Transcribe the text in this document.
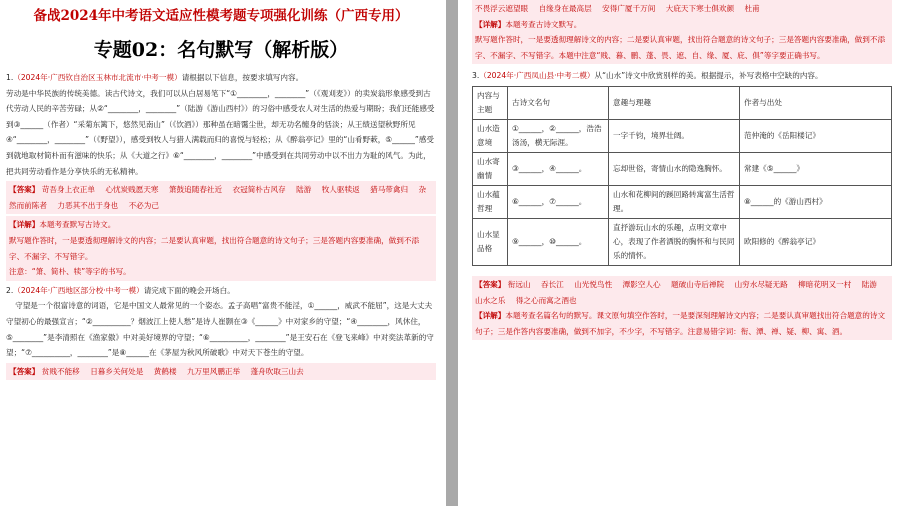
备战2024年中考语文适应性模考题专项强化训练（广西专用）
专题02：名句默写（解析版）

1.（2024年·广西钦自治区玉林市北流市·中考一模）请根据以下信息，按要求填写内容。

劳动是中华民族的传统美德。读古代诗文，我们可以从白居易笔下“①________，________”（《观刈麦》）的卖炭翁形象感受到古代劳动人民的辛苦劳碌；从②“________，________”（陆游《游山西村》）的习俗中感受农人对生活的热爱与期盼；我们还能感受到③______（作者）“采菊东篱下，悠然见南山”（《饮酒》）那种虽在暗霭尘世，却无功名缠身的恬淡；从王绩送望秋野所见④“________，________”（《野望》），感受到牧人与猎人满载而归的喜悦与轻松；从《醉翁亭记》里的“山肴野蔌，⑤______”感受到就地取材简朴而有滋味的快乐；从《大道之行》⑥“________，________”中感受到在共同劳动中以不出力为耻的风气。为此，把共同劳动看作是分享快乐的无私精神。

【答案】 苛吾身上衣正单 心忧炭贱愿天寒 箫鼓追随春社近 衣冠简朴古风存 陆游 牧人驱犊返 猎马带禽归 杂然而前陈者 力恶其不出于身也 不必为己
【详解】本题考查默写古诗文。
默写题作答时，一是要透彻理解诗文的内容；二是要认真审题，找出符合题意的诗文句子；三是答题内容要准确，做到不添字、不漏字、不写错字。
注意：“箫、简朴、犊”等字的书写。

2.（2024年·广西地区部分校·中考一模）请完成下面的晚会开场白。

守望是一个很富诗意的词语，它是中国文人最常见的一个姿态。孟子高唱“富贵不能淫，①______，威武不能屈”，这是大丈夫守望初心的最强宣言；“②__________？烟波江上使人愁”是诗人崔颢在③《______》中对家乡的守望；“④________，风休住，⑤________”是李清照在《渔家傲》中对美好境界的守望；“⑥__________，________”是王安石在《登飞来峰》中对奕法革新的守望；“⑦__________，________”是⑧______在《茅屋为秋风所破歌》中对天下苍生的守望。

【答案】 贫贱不能移 日暮乡关何处是 黄鹤楼 九万里风鹏正举 蓬舟吹取三山去
不畏浮云遮望眼 自缘身在最高层 安得广厦千万间 大庇天下寒士俱欢颜 杜甫
【详解】本题考查古诗文默写。
默写题作答时，一是要透彻理解诗文的内容；二是要认真审题，找出符合题意的诗文句子；三是答题内容要准确，做到不添字、不漏字、不写错字。本题中注意“贱、暮、鹏、蓬、畏、遮、自、缘、厦、庇、俱”等字要正确书写。

3.（2024年·广西凤山县·中考二模）从“山水”诗文中欣赏别样的美。根据提示，补写表格中空缺的内容。

内容与主题	古诗文名句	意趣与理趣	作者与出处
山水造意境	①______，②______，浩浩汤汤，横无际涯。	一字千钧，境界壮阔。	范仲淹的《岳阳楼记》
山水寄幽情	③______，④______。	忘却世俗，寄情山水的隐逸胸怀。	常建《⑤______》
山水蕴哲理	⑥______，⑦______。	山水和花柳间的蹊回路转寓富生活哲理。	⑧______的《游山西村》
山水显品格	⑨______，⑩______。	直抒游玩山水的乐趣，点明文章中心，表现了作者洒脱的胸怀和与民同乐的情怀。	欧阳修的《醉翁亭记》
【答案】 衔远山 吞长江 山光悦鸟性 潭影空人心 题破山寺后禅院 山穷水尽疑无路 柳暗花明又一村 陆游 山水之乐 得之心而寓之酒也
【详解】本题考查名篇名句的默写。课文原句填空作答时，一是要深刻理解诗文内容；二是要认真审题找出符合题意的诗文句子；三是作答内容要准确，做到不加字，不少字，不写错字。注意易错字词：衔、潭、禅、疑、柳、寓、酒。
